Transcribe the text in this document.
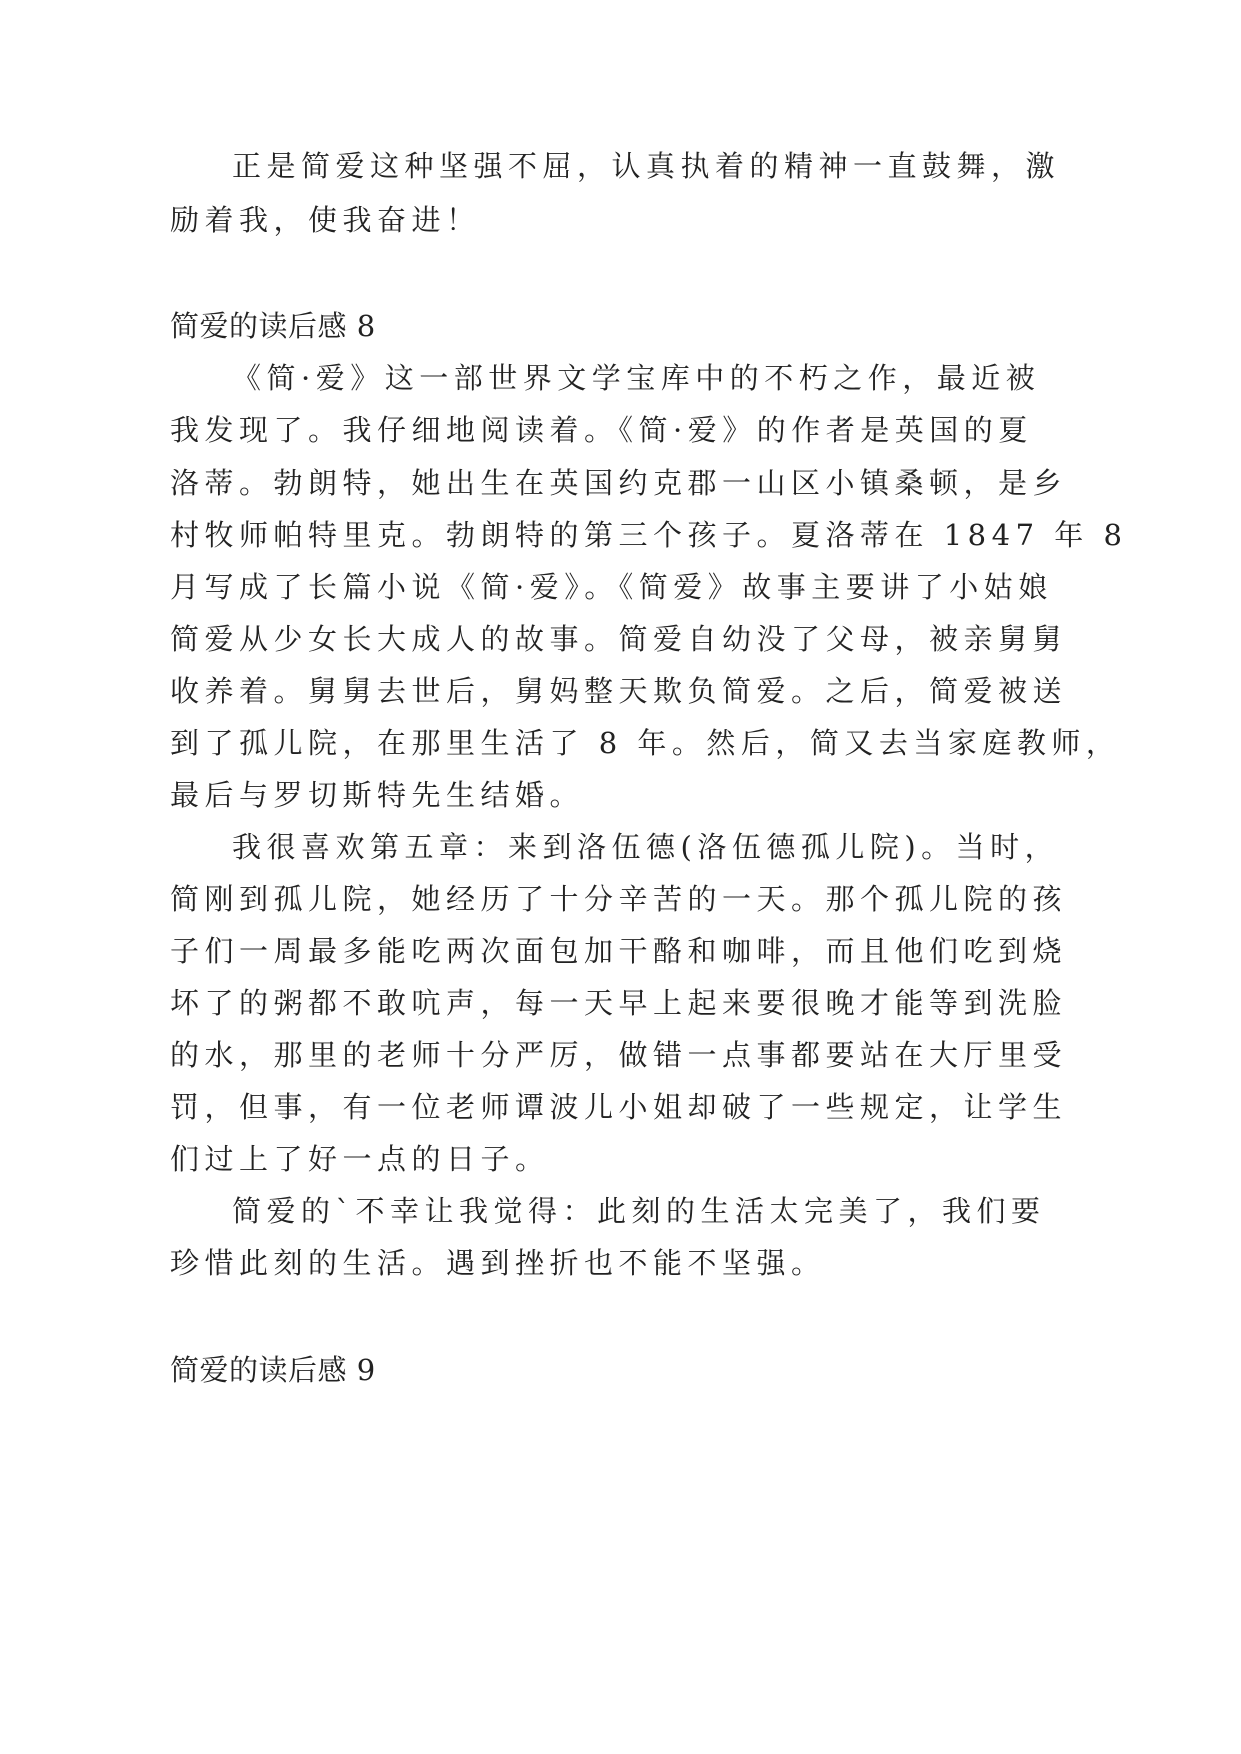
正是简爱这种坚强不屈，认真执着的精神一直鼓舞，激
励着我，使我奋进！
简爱的读后感 8
《简·爱》这一部世界文学宝库中的不朽之作，最近被
我发现了。我仔细地阅读着。《简·爱》的作者是英国的夏
洛蒂。勃朗特，她出生在英国约克郡一山区小镇桑顿，是乡
村牧师帕特里克。勃朗特的第三个孩子。夏洛蒂在 1847 年 8
月写成了长篇小说《简·爱》。《简爱》故事主要讲了小姑娘
简爱从少女长大成人的故事。简爱自幼没了父母，被亲舅舅
收养着。舅舅去世后，舅妈整天欺负简爱。之后，简爱被送
到了孤儿院，在那里生活了 8 年。然后，简又去当家庭教师，
最后与罗切斯特先生结婚。
我很喜欢第五章：来到洛伍德(洛伍德孤儿院)。当时，
简刚到孤儿院，她经历了十分辛苦的一天。那个孤儿院的孩
子们一周最多能吃两次面包加干酪和咖啡，而且他们吃到烧
坏了的粥都不敢吭声，每一天早上起来要很晚才能等到洗脸
的水，那里的老师十分严厉，做错一点事都要站在大厅里受
罚，但事，有一位老师谭波儿小姐却破了一些规定，让学生
们过上了好一点的日子。
简爱的`不幸让我觉得：此刻的生活太完美了，我们要
珍惜此刻的生活。遇到挫折也不能不坚强。
简爱的读后感 9
